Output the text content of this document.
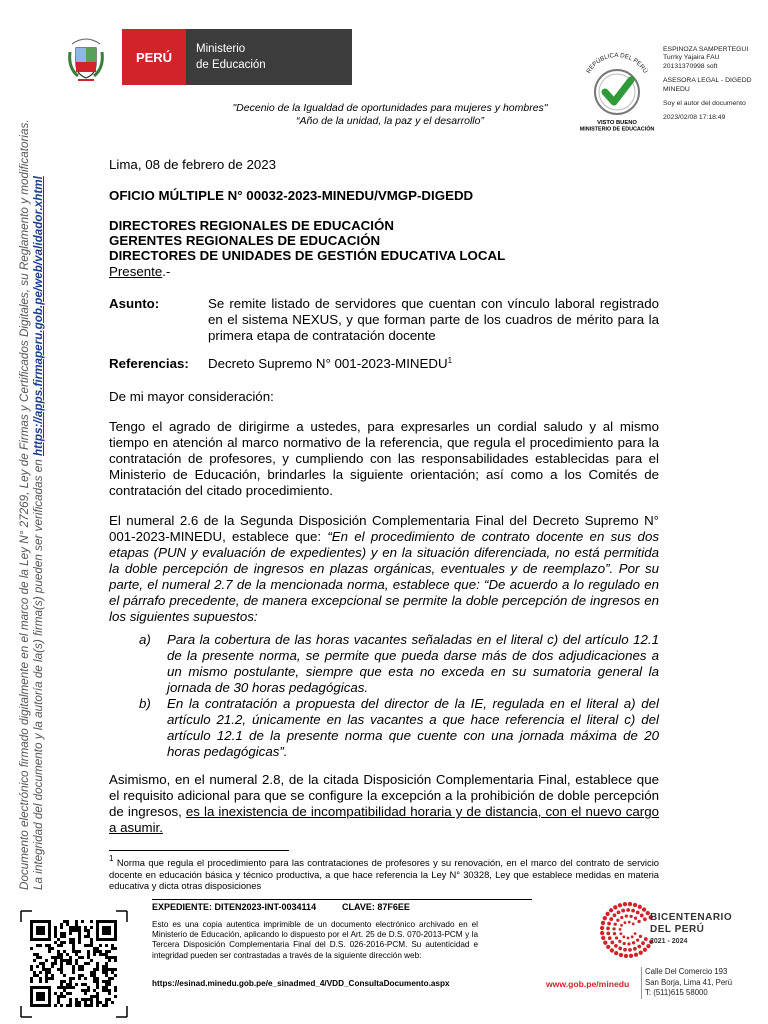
PERÚ
Ministerio
de Educación
"Decenio de la Igualdad de oportunidades para mujeres y hombres"
“Año de la unidad, la paz y el desarrollo”
REPÚBLICA DEL PERÚ
VISTO BUENO
MINISTERIO DE EDUCACIÓN
ESPINOZA SAMPERTEGUI
Turrky Yajaira FAU
20131370998 soft
ASESORA LEGAL - DIGEDD
MINEDU
Soy el autor del documento
2023/02/08 17:18:49
Documento electrónico firmado digitalmente en el marco de la Ley N° 27269, Ley de Firmas y Certificados Digitales, su Reglamento y modificatorias. La integridad del documento y la autoría de la(s) firma(s) pueden ser verificadas en https://apps.firmaperu.gob.pe/web/validador.xhtml
Lima, 08 de febrero de 2023
OFICIO MÚLTIPLE N° 00032-2023-MINEDU/VMGP-DIGEDD
DIRECTORES REGIONALES DE EDUCACIÓN
GERENTES REGIONALES DE EDUCACIÓN
DIRECTORES DE UNIDADES DE GESTIÓN EDUCATIVA LOCAL
Presente.-
Asunto:	Se remite listado de servidores que cuentan con vínculo laboral registrado en el sistema NEXUS, y que forman parte de los cuadros de mérito para la primera etapa de contratación docente
Referencias: Decreto Supremo N° 001-2023-MINEDU$^1$
De mi mayor consideración:
Tengo el agrado de dirigirme a ustedes, para expresarles un cordial saludo y al mismo tiempo en atención al marco normativo de la referencia, que regula el procedimiento para la contratación de profesores, y cumpliendo con las responsabilidades establecidas para el Ministerio de Educación, brindarles la siguiente orientación; así como a los Comités de contratación del citado procedimiento.
El numeral 2.6 de la Segunda Disposición Complementaria Final del Decreto Supremo N° 001-2023-MINEDU, establece que: “En el procedimiento de contrato docente en sus dos etapas (PUN y evaluación de expedientes) y en la situación diferenciada, no está permitida la doble percepción de ingresos en plazas orgánicas, eventuales y de reemplazo”. Por su parte, el numeral 2.7 de la mencionada norma, establece que: “De acuerdo a lo regulado en el párrafo precedente, de manera excepcional se permite la doble percepción de ingresos en los siguientes supuestos:
a) Para la cobertura de las horas vacantes señaladas en el literal c) del artículo 12.1 de la presente norma, se permite que pueda darse más de dos adjudicaciones a un mismo postulante, siempre que esta no exceda en su sumatoria general la jornada de 30 horas pedagógicas.
b) En la contratación a propuesta del director de la IE, regulada en el literal a) del artículo 21.2, únicamente en las vacantes a que hace referencia el literal c) del artículo 12.1 de la presente norma que cuente con una jornada máxima de 20 horas pedagógicas”.
Asimismo, en el numeral 2.8, de la citada Disposición Complementaria Final, establece que el requisito adicional para que se configure la excepción a la prohibición de doble percepción de ingresos, es la inexistencia de incompatibilidad horaria y de distancia, con el nuevo cargo a asumir.
$^1$ Norma que regula el procedimiento para las contrataciones de profesores y su renovación, en el marco del contrato de servicio docente en educación básica y técnico productiva, a que hace referencia la Ley N° 30328, Ley que establece medidas en materia educativa y dicta otras disposiciones
EXPEDIENTE: DITEN2023-INT-0034114	CLAVE: 87F6EE
Esto es una copia autentica imprimible de un documento electrónico archivado en el Ministerio de Educación, aplicando lo dispuesto por el Art. 25 de D.S. 070-2013-PCM y la Tercera Disposición Complementaria Final del D.S. 026-2016-PCM. Su autenticidad e integridad pueden ser contrastadas a través de la siguiente dirección web:
https://esinad.minedu.gob.pe/e_sinadmed_4/VDD_ConsultaDocumento.aspx	www.gob.pe/minedu
BICENTENARIO
DEL PERÚ
2021 - 2024
Calle Del Comercio 193
San Borja, Lima 41, Perú
T: (511)615 58000
